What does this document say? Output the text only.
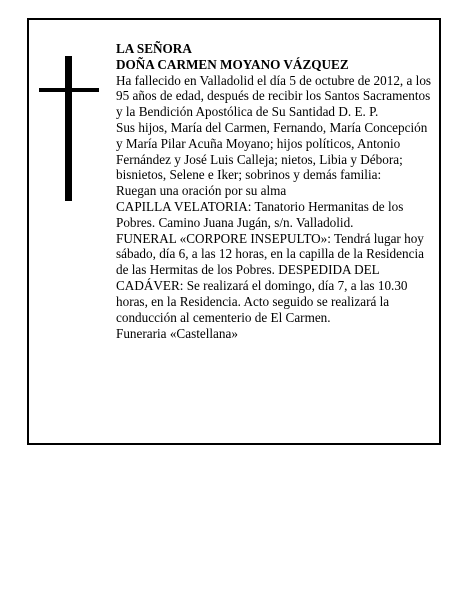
LA SEÑORA

DOÑA CARMEN MOYANO VÁZQUEZ

Ha fallecido en Valladolid el día 5 de octubre de 2012, a los 95 años de edad, después de recibir los Santos Sacramentos y la Bendición Apostólica de Su Santidad D. E. P.

Sus hijos, María del Carmen, Fernando, María Concepción y María Pilar Acuña Moyano; hijos políticos, Antonio Fernández y José Luis Calleja; nietos, Libia y Débora; bisnietos, Selene e Iker; sobrinos y demás familia:

Ruegan una oración por su alma

CAPILLA VELATORIA: Tanatorio Hermanitas de los Pobres. Camino Juana Jugán, s/n. Valladolid.

FUNERAL «CORPORE INSEPULTO»: Tendrá lugar hoy sábado, día 6, a las 12 horas, en la capilla de la Residencia de las Hermitas de los Pobres. DESPEDIDA DEL CADÁVER: Se realizará el domingo, día 7, a las 10.30 horas, en la Residencia. Acto seguido se realizará la conducción al cementerio de El Carmen.

Funeraria «Castellana»
